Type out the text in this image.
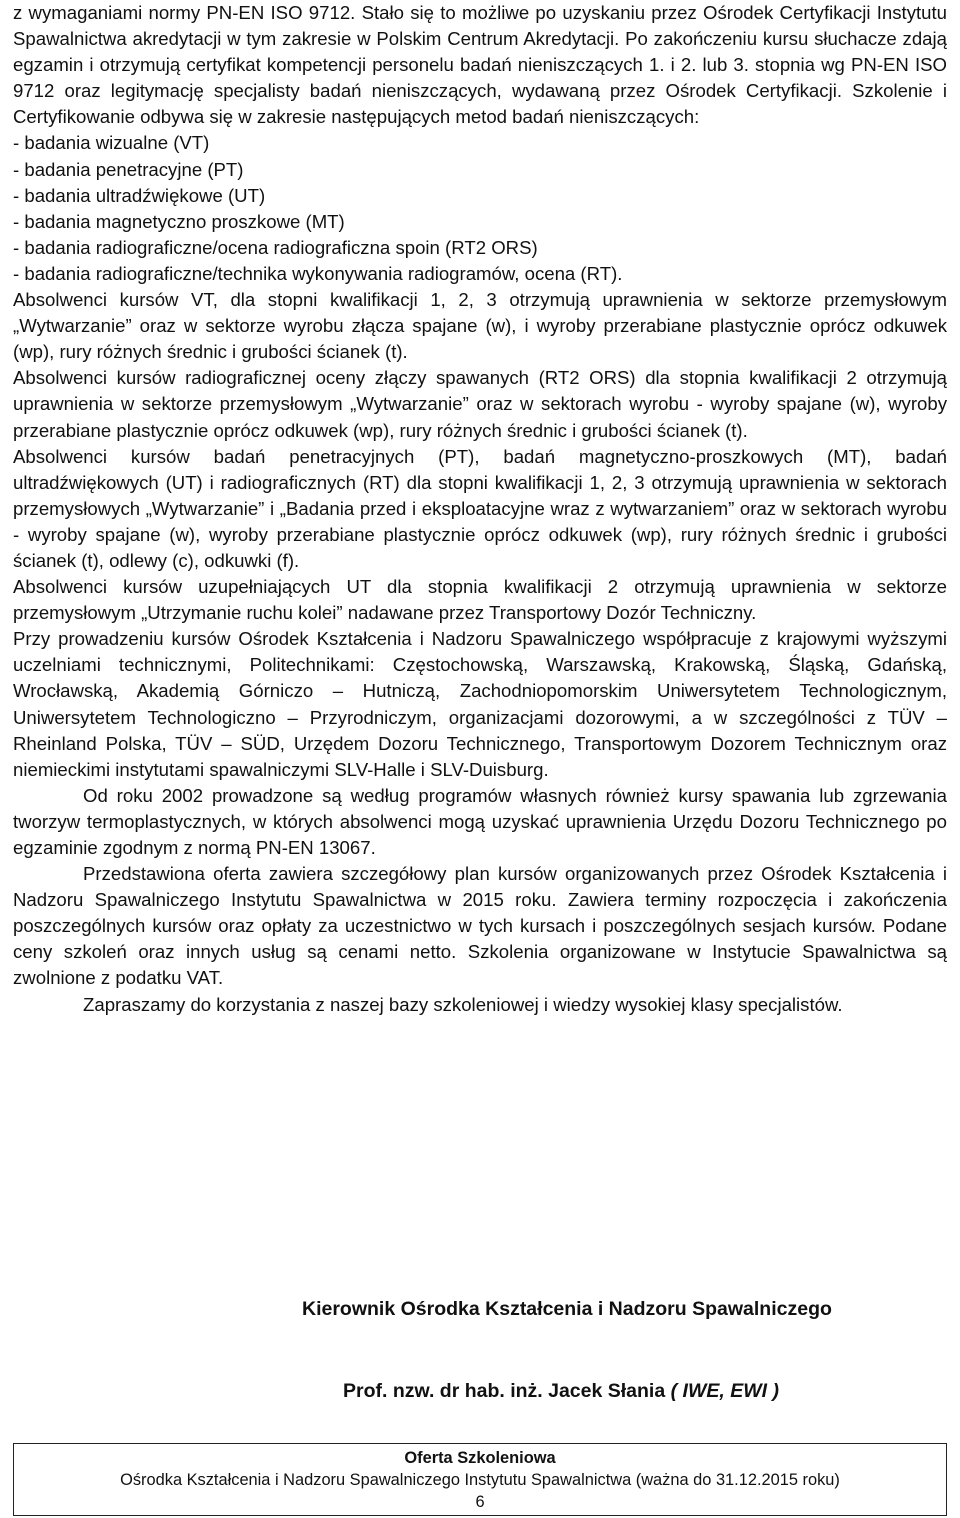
z wymaganiami normy PN-EN ISO 9712. Stało się to możliwe po uzyskaniu przez Ośrodek Certyfikacji Instytutu Spawalnictwa akredytacji w tym zakresie w Polskim Centrum Akredytacji. Po zakończeniu kursu słuchacze zdają egzamin i otrzymują certyfikat kompetencji personelu badań nieniszczących 1. i 2. lub 3. stopnia wg PN-EN ISO 9712 oraz legitymację specjalisty badań nieniszczących, wydawaną przez Ośrodek Certyfikacji. Szkolenie i Certyfikowanie odbywa się w zakresie następujących metod badań nieniszczących:

- badania wizualne (VT)
- badania penetracyjne (PT)
- badania ultradźwiękowe (UT)
- badania magnetyczno proszkowe (MT)
- badania radiograficzne/ocena radiograficzna spoin (RT2 ORS)
- badania radiograficzne/technika wykonywania radiogramów, ocena (RT).

Absolwenci kursów VT, dla stopni kwalifikacji 1, 2, 3 otrzymują uprawnienia w sektorze przemysłowym „Wytwarzanie” oraz w sektorze wyrobu złącza spajane (w), i wyroby przerabiane plastycznie oprócz odkuwek (wp), rury różnych średnic i grubości ścianek (t).

Absolwenci kursów radiograficznej oceny złączy spawanych (RT2 ORS) dla stopnia kwalifikacji 2 otrzymują uprawnienia w sektorze przemysłowym „Wytwarzanie” oraz w sektorach wyrobu - wyroby spajane (w), wyroby przerabiane plastycznie oprócz odkuwek (wp), rury różnych średnic i grubości ścianek (t).

Absolwenci kursów badań penetracyjnych (PT), badań magnetyczno-proszkowych (MT), badań ultradźwiękowych (UT) i radiograficznych (RT) dla stopni kwalifikacji 1, 2, 3 otrzymują uprawnienia w sektorach przemysłowych „Wytwarzanie” i „Badania przed i eksploatacyjne wraz z wytwarzaniem” oraz w sektorach wyrobu - wyroby spajane (w), wyroby przerabiane plastycznie oprócz odkuwek (wp), rury różnych średnic i grubości ścianek (t), odlewy (c), odkuwki (f).

Absolwenci kursów uzupełniających UT dla stopnia kwalifikacji 2 otrzymują uprawnienia w sektorze przemysłowym „Utrzymanie ruchu kolei” nadawane przez Transportowy Dozór Techniczny.

Przy prowadzeniu kursów Ośrodek Kształcenia i Nadzoru Spawalniczego współpracuje z krajowymi wyższymi uczelniami technicznymi, Politechnikami: Częstochowską, Warszawską, Krakowską, Śląską, Gdańską, Wrocławską, Akademią Górniczo – Hutniczą, Zachodniopomorskim Uniwersytetem Technologicznym, Uniwersytetem Technologiczno – Przyrodniczym, organizacjami dozorowymi, a w szczególności z TÜV – Rheinland Polska, TÜV – SÜD, Urzędem Dozoru Technicznego, Transportowym Dozorem Technicznym oraz niemieckimi instytutami spawalniczymi SLV-Halle i SLV-Duisburg.

Od roku 2002 prowadzone są według programów własnych również kursy spawania lub zgrzewania tworzyw termoplastycznych, w których absolwenci mogą uzyskać uprawnienia Urzędu Dozoru Technicznego po egzaminie zgodnym z normą PN-EN 13067.

Przedstawiona oferta zawiera szczegółowy plan kursów organizowanych przez Ośrodek Kształcenia i Nadzoru Spawalniczego Instytutu Spawalnictwa w 2015 roku. Zawiera terminy rozpoczęcia i zakończenia poszczególnych kursów oraz opłaty za uczestnictwo w tych kursach i poszczególnych sesjach kursów. Podane ceny szkoleń oraz innych usług są cenami netto. Szkolenia organizowane w Instytucie Spawalnictwa są zwolnione z podatku VAT.

Zapraszamy do korzystania z naszej bazy szkoleniowej i wiedzy wysokiej klasy specjalistów.

Kierownik Ośrodka Kształcenia i Nadzoru Spawalniczego
Prof. nzw. dr hab. inż. Jacek Słania ( IWE, EWI )
Oferta Szkoleniowa
Ośrodka Kształcenia i Nadzoru Spawalniczego Instytutu Spawalnictwa (ważna do 31.12.2015 roku)
6
